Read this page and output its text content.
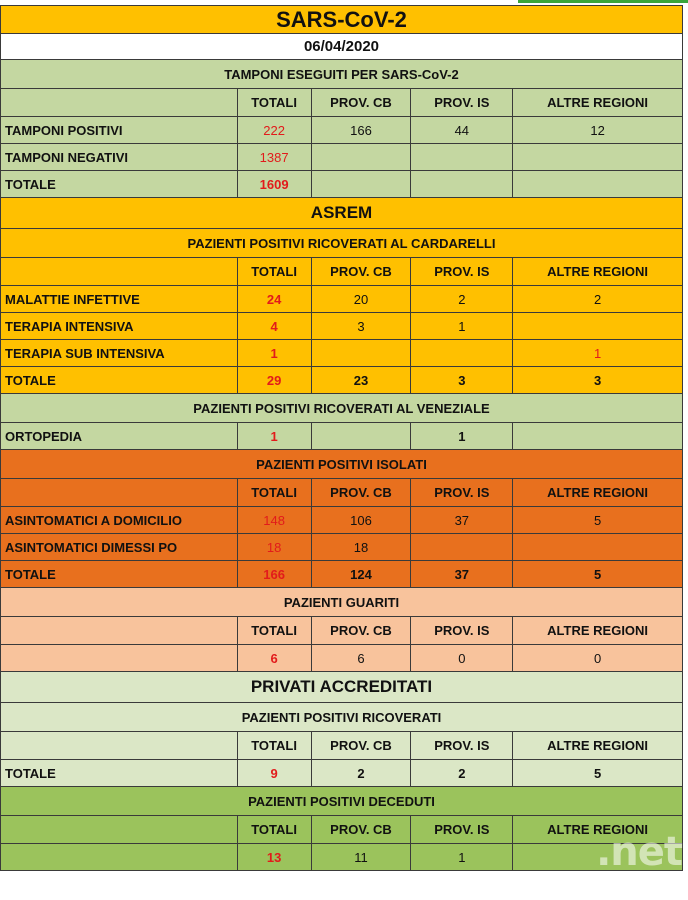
SARS-CoV-2				
06/04/2020				
TAMPONI ESEGUITI PER SARS-CoV-2				
	TOTALI	PROV. CB	PROV. IS	ALTRE REGIONI
TAMPONI POSITIVI	222	166	44	12
TAMPONI NEGATIVI	1387			
TOTALE	1609			
ASREM				
PAZIENTI POSITIVI RICOVERATI AL CARDARELLI				
	TOTALI	PROV. CB	PROV. IS	ALTRE REGIONI
MALATTIE INFETTIVE	24	20	2	2
TERAPIA INTENSIVA	4	3	1	
TERAPIA SUB INTENSIVA	1			1
TOTALE	29	23	3	3
PAZIENTI POSITIVI RICOVERATI AL VENEZIALE				
ORTOPEDIA	1		1	
PAZIENTI POSITIVI ISOLATI				
	TOTALI	PROV. CB	PROV. IS	ALTRE REGIONI
ASINTOMATICI A DOMICILIO	148	106	37	5
ASINTOMATICI DIMESSI PO	18	18		
TOTALE	166	124	37	5
PAZIENTI GUARITI				
	TOTALI	PROV. CB	PROV. IS	ALTRE REGIONI
	6	6	0	0
PRIVATI ACCREDITATI				
PAZIENTI POSITIVI RICOVERATI				
	TOTALI	PROV. CB	PROV. IS	ALTRE REGIONI
TOTALE	9	2	2	5
PAZIENTI POSITIVI DECEDUTI				
	TOTALI	PROV. CB	PROV. IS	ALTRE REGIONI
	13	11	1		.net
www.cittanet.it
